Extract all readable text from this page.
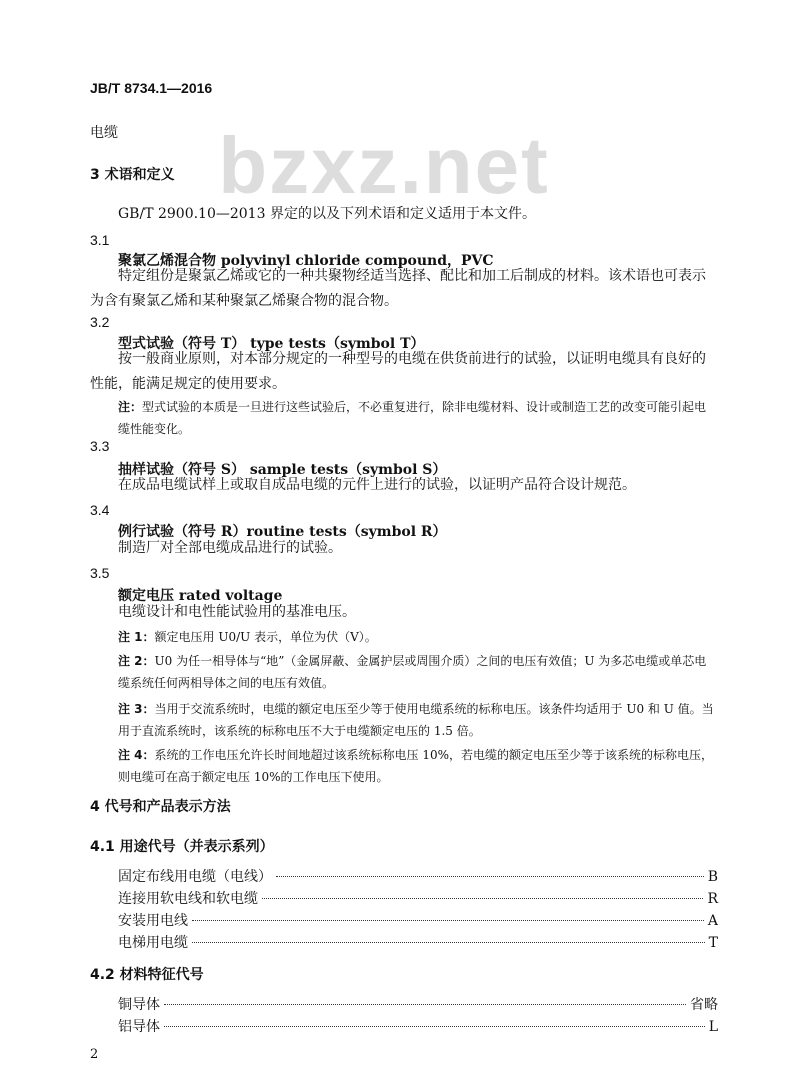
bzxz.net
JB/T 8734.1—2016
电缆
3 术语和定义
GB/T 2900.10—2013 界定的以及下列术语和定义适用于本文件。
3.1
聚氯乙烯混合物 polyvinyl chloride compound，PVC
特定组份是聚氯乙烯或它的一种共聚物经适当选择、配比和加工后制成的材料。该术语也可表示为含有聚氯乙烯和某种聚氯乙烯聚合物的混合物。
3.2
型式试验（符号 T） type tests（symbol T）
按一般商业原则，对本部分规定的一种型号的电缆在供货前进行的试验，以证明电缆具有良好的性能，能满足规定的使用要求。
注：型式试验的本质是一旦进行这些试验后，不必重复进行，除非电缆材料、设计或制造工艺的改变可能引起电缆性能变化。
3.3
抽样试验（符号 S） sample tests（symbol S）
在成品电缆试样上或取自成品电缆的元件上进行的试验，以证明产品符合设计规范。
3.4
例行试验（符号 R）routine tests（symbol R）
制造厂对全部电缆成品进行的试验。
3.5
额定电压 rated voltage
电缆设计和电性能试验用的基准电压。
注 1：额定电压用 U0/U 表示，单位为伏（V）。
注 2：U0 为任一相导体与“地”（金属屏蔽、金属护层或周围介质）之间的电压有效值；U 为多芯电缆或单芯电缆系统任何两相导体之间的电压有效值。
注 3：当用于交流系统时，电缆的额定电压至少等于使用电缆系统的标称电压。该条件均适用于 U0 和 U 值。当用于直流系统时，该系统的标称电压不大于电缆额定电压的 1.5 倍。
注 4：系统的工作电压允许长时间地超过该系统标称电压 10%，若电缆的额定电压至少等于该系统的标称电压，则电缆可在高于额定电压 10%的工作电压下使用。
4 代号和产品表示方法
4.1 用途代号（并表示系列）
固定布线用电缆（电线）	B
连接用软电线和软电缆	R
安装用电线	A
电梯用电缆	T
4.2 材料特征代号
铜导体	省略
铝导体	L
2
